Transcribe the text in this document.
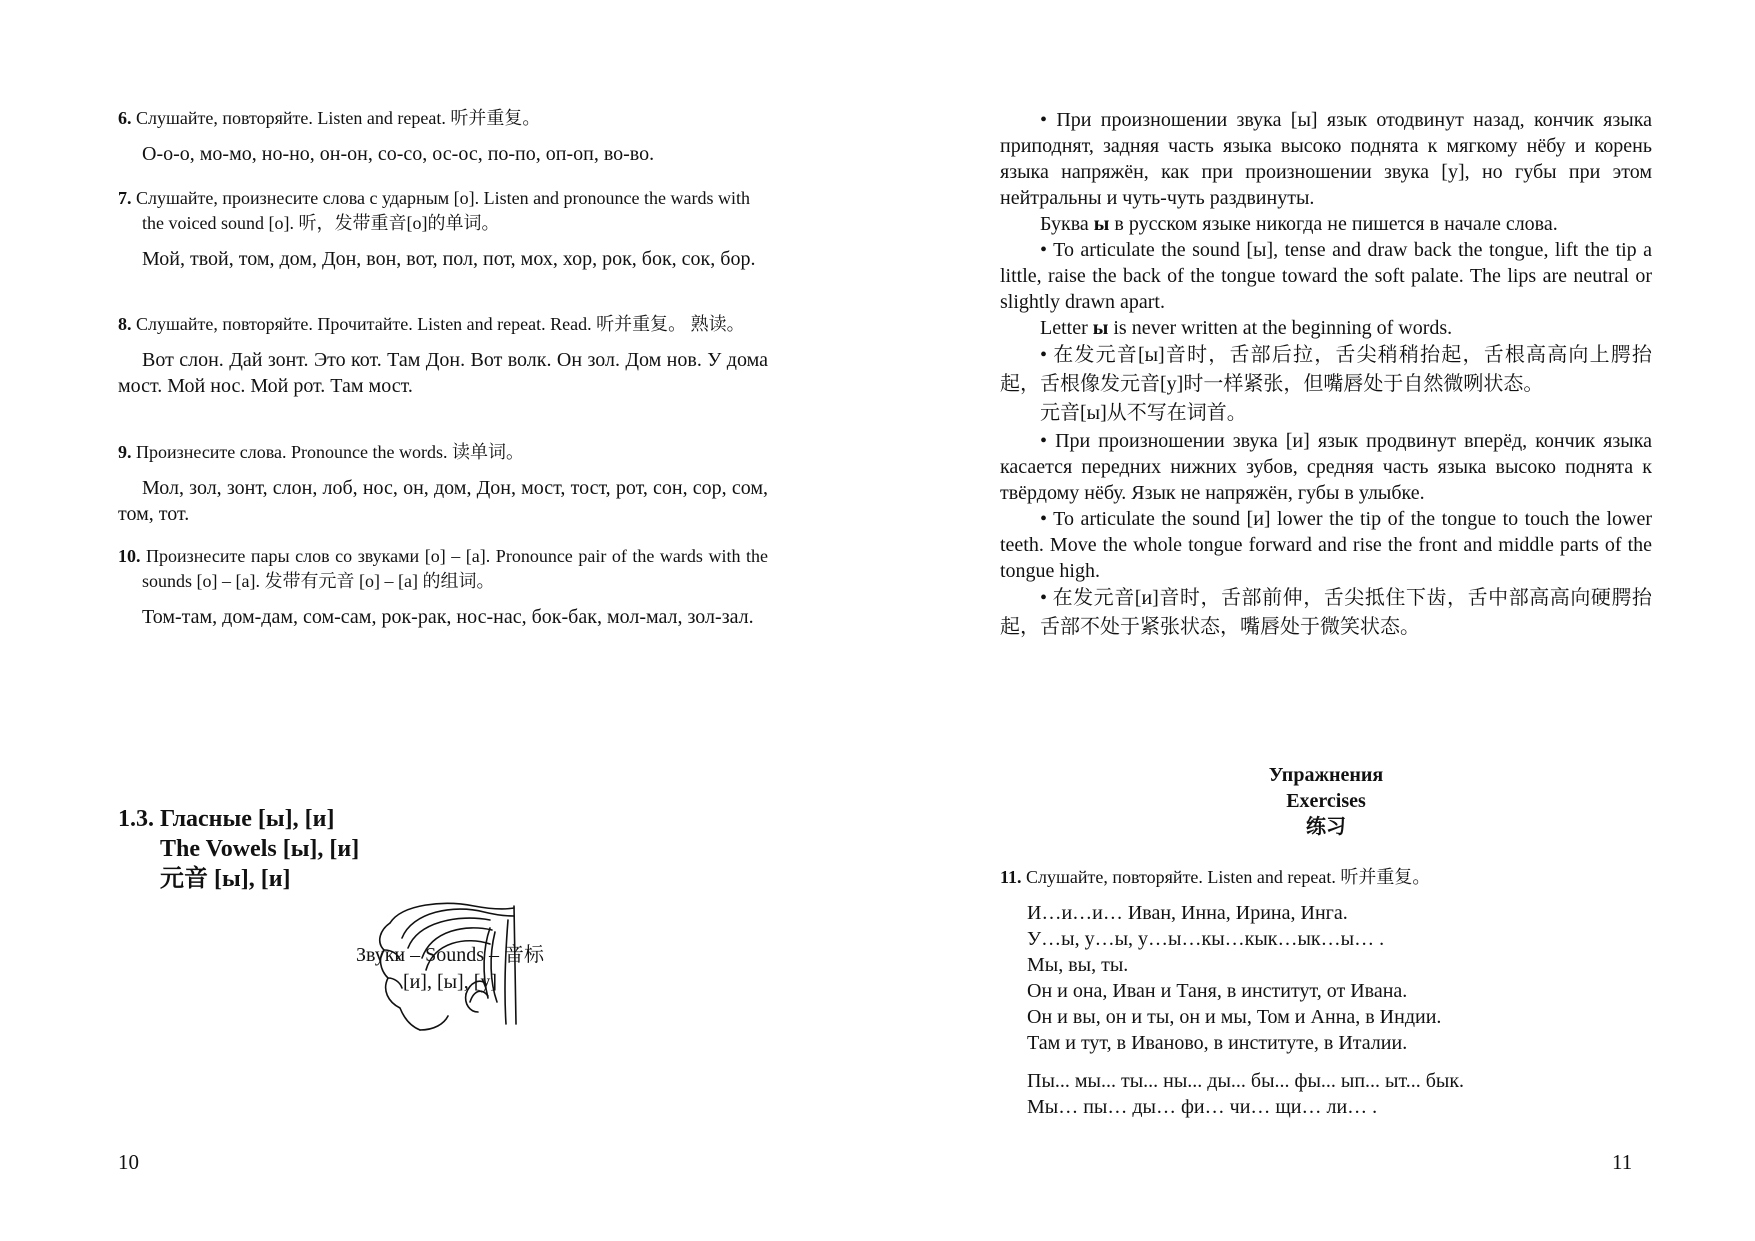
6. Слушайте, повторяйте. Listen and repeat. 听并重复。

О-о-о, мо-мо, но-но, он-он, со-со, ос-ос, по-по, оп-оп, во-во.

7. Слушайте, произнесите слова с ударным [о]. Listen and pronounce the wards with the voiced sound [o]. 听，发带重音[o]的单词。

Мой, твой, том, дом, Дон, вон, вот, пол, пот, мох, хор, рок, бок, сок, бор.

8. Слушайте, повторяйте. Прочитайте. Listen and repeat. Read. 听并重复。 熟读。

Вот слон. Дай зонт. Это кот. Там Дон. Вот волк. Он зол. Дом нов. У дома мост. Мой нос. Мой рот. Там мост.

9. Произнесите слова. Pronounce the words. 读单词。

Мол, зол, зонт, слон, лоб, нос, он, дом, Дон, мост, тост, рот, сон, сор, сом, том, тот.

10. Произнесите пары слов со звуками [о] – [а]. Pronounce pair of the wards with the sounds [o] – [a]. 发带有元音 [o] – [a] 的组词。

Том-там, дом-дам, сом-сам, рок-рак, нос-нас, бок-бак, мол-мал, зол-зал.

1.3. Гласные [ы], [и]
The Vowels [ы], [и]
元音 [ы], [и]
Звуки – Sounds – 音标
[и], [ы], [у]
10

• При произношении звука [ы] язык отодвинут назад, кончик языка приподнят, задняя часть языка высоко поднята к мягкому нёбу и корень языка напряжён, как при произношении звука [у], но губы при этом нейтральны и чуть-чуть раздвинуты.

Буква ы в русском языке никогда не пишется в начале слова.

• To articulate the sound [ы], tense and draw back the tongue, lift the tip a little, raise the back of the tongue toward the soft palate. The lips are neutral or slightly drawn apart.

Letter ы is never written at the beginning of words.

• 在发元音[ы]音时，舌部后拉，舌尖稍稍抬起，舌根高高向上腭抬起，舌根像发元音[y]时一样紧张，但嘴唇处于自然微咧状态。

元音[ы]从不写在词首。

• При произношении звука [и] язык продвинут вперёд, кончик языка касается передних нижних зубов, средняя часть языка высоко поднята к твёрдому нёбу. Язык не напряжён, губы в улыбке.

• To articulate the sound [и] lower the tip of the tongue to touch the lower teeth. Move the whole tongue forward and rise the front and middle parts of the tongue high.

• 在发元音[и]音时，舌部前伸，舌尖抵住下齿，舌中部高高向硬腭抬起，舌部不处于紧张状态，嘴唇处于微笑状态。

Упражнения
Exercises
练习

11. Слушайте, повторяйте. Listen and repeat. 听并重复。

И…и…и… Иван, Инна, Ирина, Инга.
У…ы, у…ы, у…ы…кы…кык…ык…ы… .
Мы, вы, ты.
Он и она, Иван и Таня, в институт, от Ивана.
Он и вы, он и ты, он и мы, Том и Анна, в Индии.
Там и тут, в Иваново, в институте, в Италии.
Пы... мы... ты... ны... ды... бы... фы... ып... ыт... бык.
Мы… пы… ды… фи… чи… щи… ли… .
11
